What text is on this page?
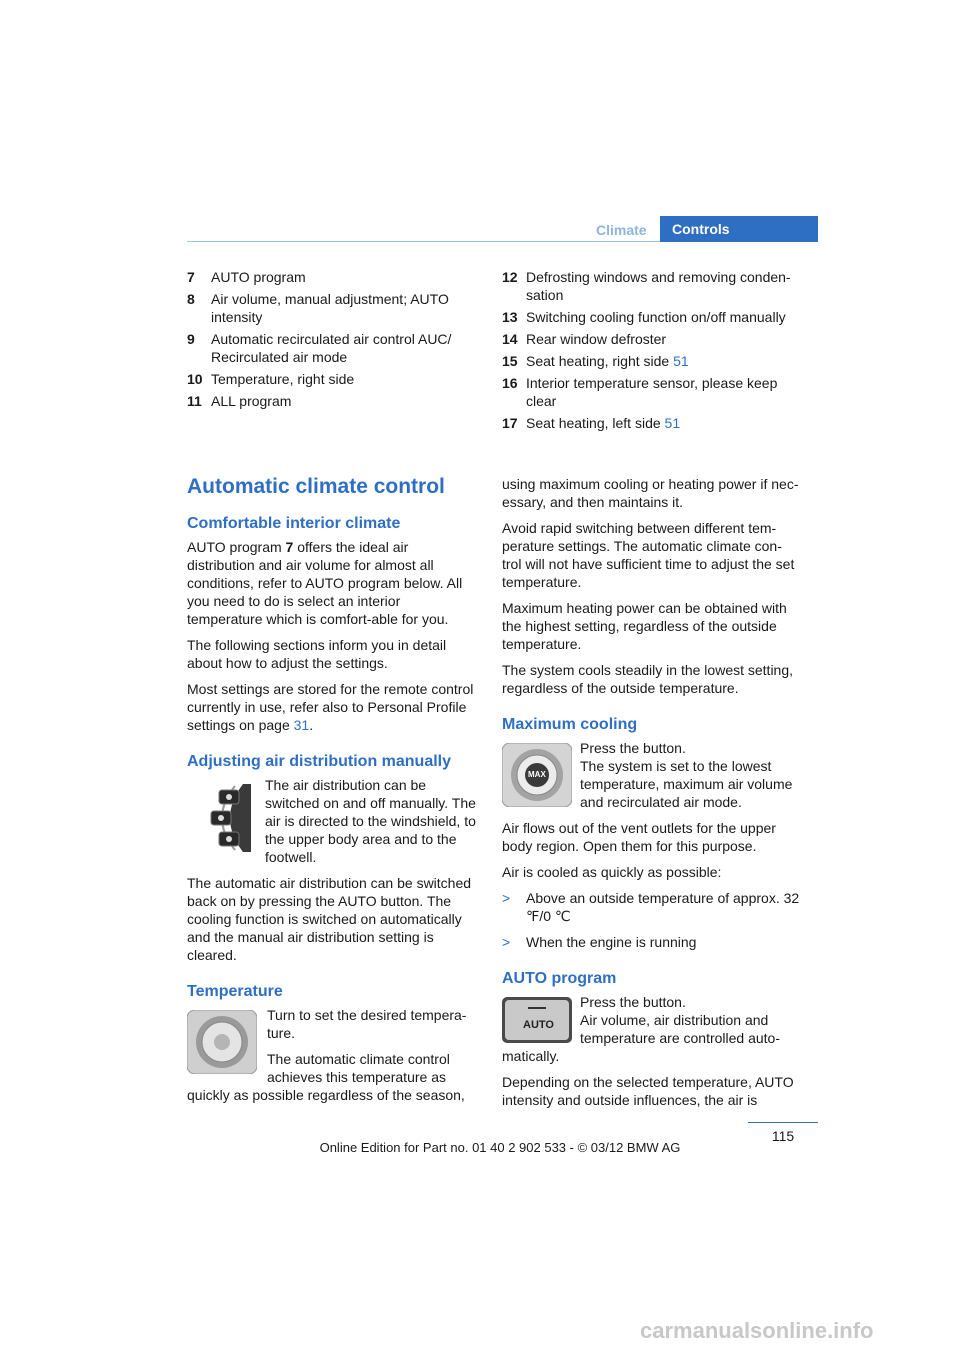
Climate	Controls
7	AUTO program
8	Air volume, manual adjustment; AUTO intensity
9	Automatic recirculated air control AUC/ Recirculated air mode
10 Temperature, right side
11 ALL program
12 Defrosting windows and removing conden-sation
13 Switching cooling function on/off manually
14 Rear window defroster
15 Seat heating, right side 51
16 Interior temperature sensor, please keep clear
17 Seat heating, left side 51
Automatic climate control
Comfortable interior climate

AUTO program 7 offers the ideal air distribution and air volume for almost all conditions, refer to AUTO program below. All you need to do is select an interior temperature which is comfort-able for you.

The following sections inform you in detail about how to adjust the settings.

Most settings are stored for the remote control currently in use, refer also to Personal Profile settings on page 31.

Adjusting air distribution manually

The air distribution can be switched on and off manually. The air is directed to the windshield, to the upper body area and to the footwell.

The automatic air distribution can be switched back on by pressing the AUTO button. The cooling function is switched on automatically and the manual air distribution setting is cleared.

Temperature

Turn to set the desired tempera-ture.

The automatic climate control achieves this temperature as quickly as possible regardless of the season,

using maximum cooling or heating power if nec-essary, and then maintains it.

Avoid rapid switching between different tem-perature settings. The automatic climate con-trol will not have sufficient time to adjust the set temperature.

Maximum heating power can be obtained with the highest setting, regardless of the outside temperature.

The system cools steadily in the lowest setting, regardless of the outside temperature.

Maximum cooling
MAX

Press the button.

The system is set to the lowest temperature, maximum air volume and recirculated air mode.

Air flows out of the vent outlets for the upper body region. Open them for this purpose.

Air is cooled as quickly as possible:

>	Above an outside temperature of approx. 32 ℉/0 ℃
>	When the engine is running
AUTO program
AUTO

Press the button.

Air volume, air distribution and temperature are controlled auto-matically.

Depending on the selected temperature, AUTO intensity and outside influences, the air is

115
Online Edition for Part no. 01 40 2 902 533 - © 03/12 BMW AG
carmanualsonline.info
